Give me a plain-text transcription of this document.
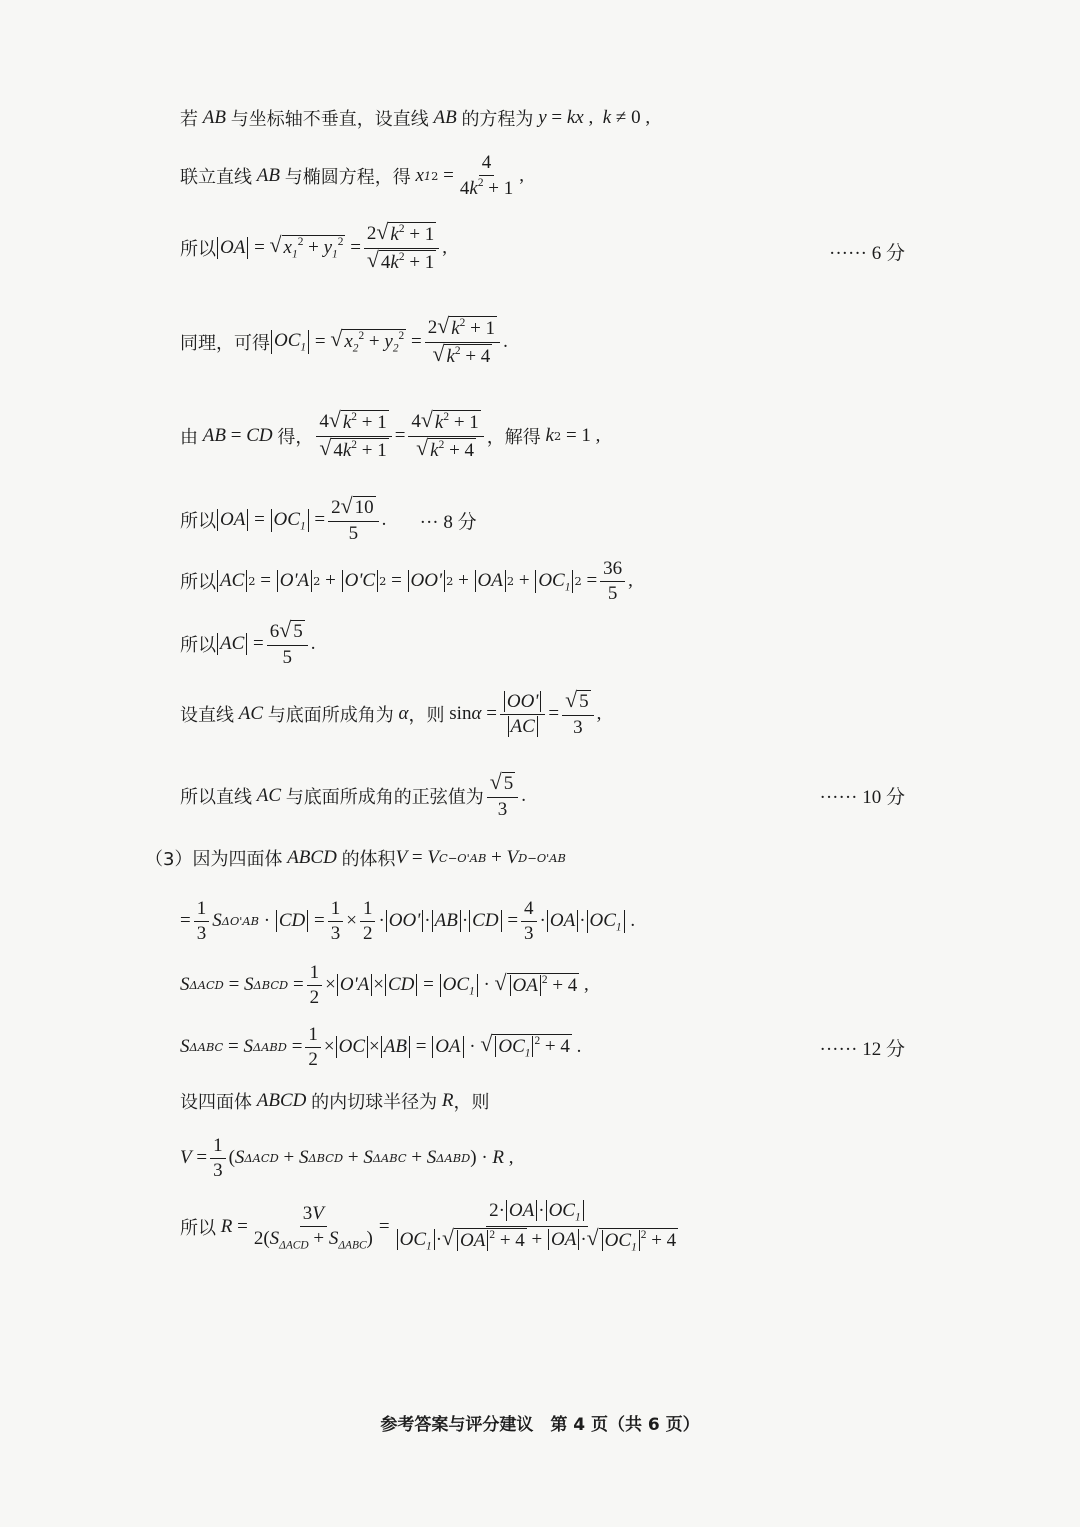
若 AB 与坐标轴不垂直，设直线 AB 的方程为 y = kx , k ≠ 0 ,
联立直线 AB 与椭圆方程，得 x 1 $2 = \frac{4}{4k^2 + 1}$ ,
所以 OA = √ $x_1^2 + y_1^2 = \frac{2 √ k^2 + 1}{√ 4k^2 + 1}$ ,	······ 6 分
同理，可得 $OC_1$ = √ $x_2^2 + y_2^2 = \frac{2 √ k^2 + 1}{√ k^2 + 4}$ .
由 AB = CD 得， $\frac{4 √ k^2 + 1}{√ 4k^2 + 1} = \frac{4 √ k^2 + 1}{√ k^2 + 4}$ ，解得 k 2 = 1 ,
所以 OA = $OC_1 = \frac{2 √ 10}{5}$ . ··· 8 分
所以 AC 2 = O'A 2 + O'C 2 = OO' 2 + OA $2 + OC_1$ $2 = \frac{36}{5}$ ,
所以 AC = $\frac{6 √ 5}{5}$ .
设直线 AC 与底面所成角为 α ，则 $\sin \alpha = \frac{OO'}{AC} = \frac{√ 5}{3}$ ,
所以直线 AC 与底面所成角的正弦值为
√ 5
3
.	······ 10 分
（3）因为四面体 ABCD 的体积 V = V C−O'AB + V D−O'AB
= $\frac{1}{3}$ S ΔO'AB · CD = $\frac{1}{3} \times \frac{1}{2} \cdot OO'$ · AB · CD = $\frac{4}{3}$ · OA · $OC_1$ .
S ΔACD = S $\Delta BCD = \frac{1}{2} \times O'A$ × CD = $OC_1$ · √ OA $^2$ + 4 ,
S ΔABC = S $\Delta ABD = \frac{1}{2}$ × OC × AB = OA · √ $OC_1^2 + 4$ .	······ 12 分
设四面体 ABCD 的内切球半径为 R ，则
$V = \frac{1}{3}$ ( S ΔACD + S ΔBCD + S ΔABC + S ΔABD ) · R ,
所以 R =
3V
$2(S_{\Delta ACD} + S_{\Delta ABC})$
= $\frac{2\cdot OA \cdot OC_1}{OC_1 \cdot √ OA ^2 + 4 + OA \cdot √ OC_1^2 + 4}$
参考答案与评分建议　第 4 页（共 6 页）
